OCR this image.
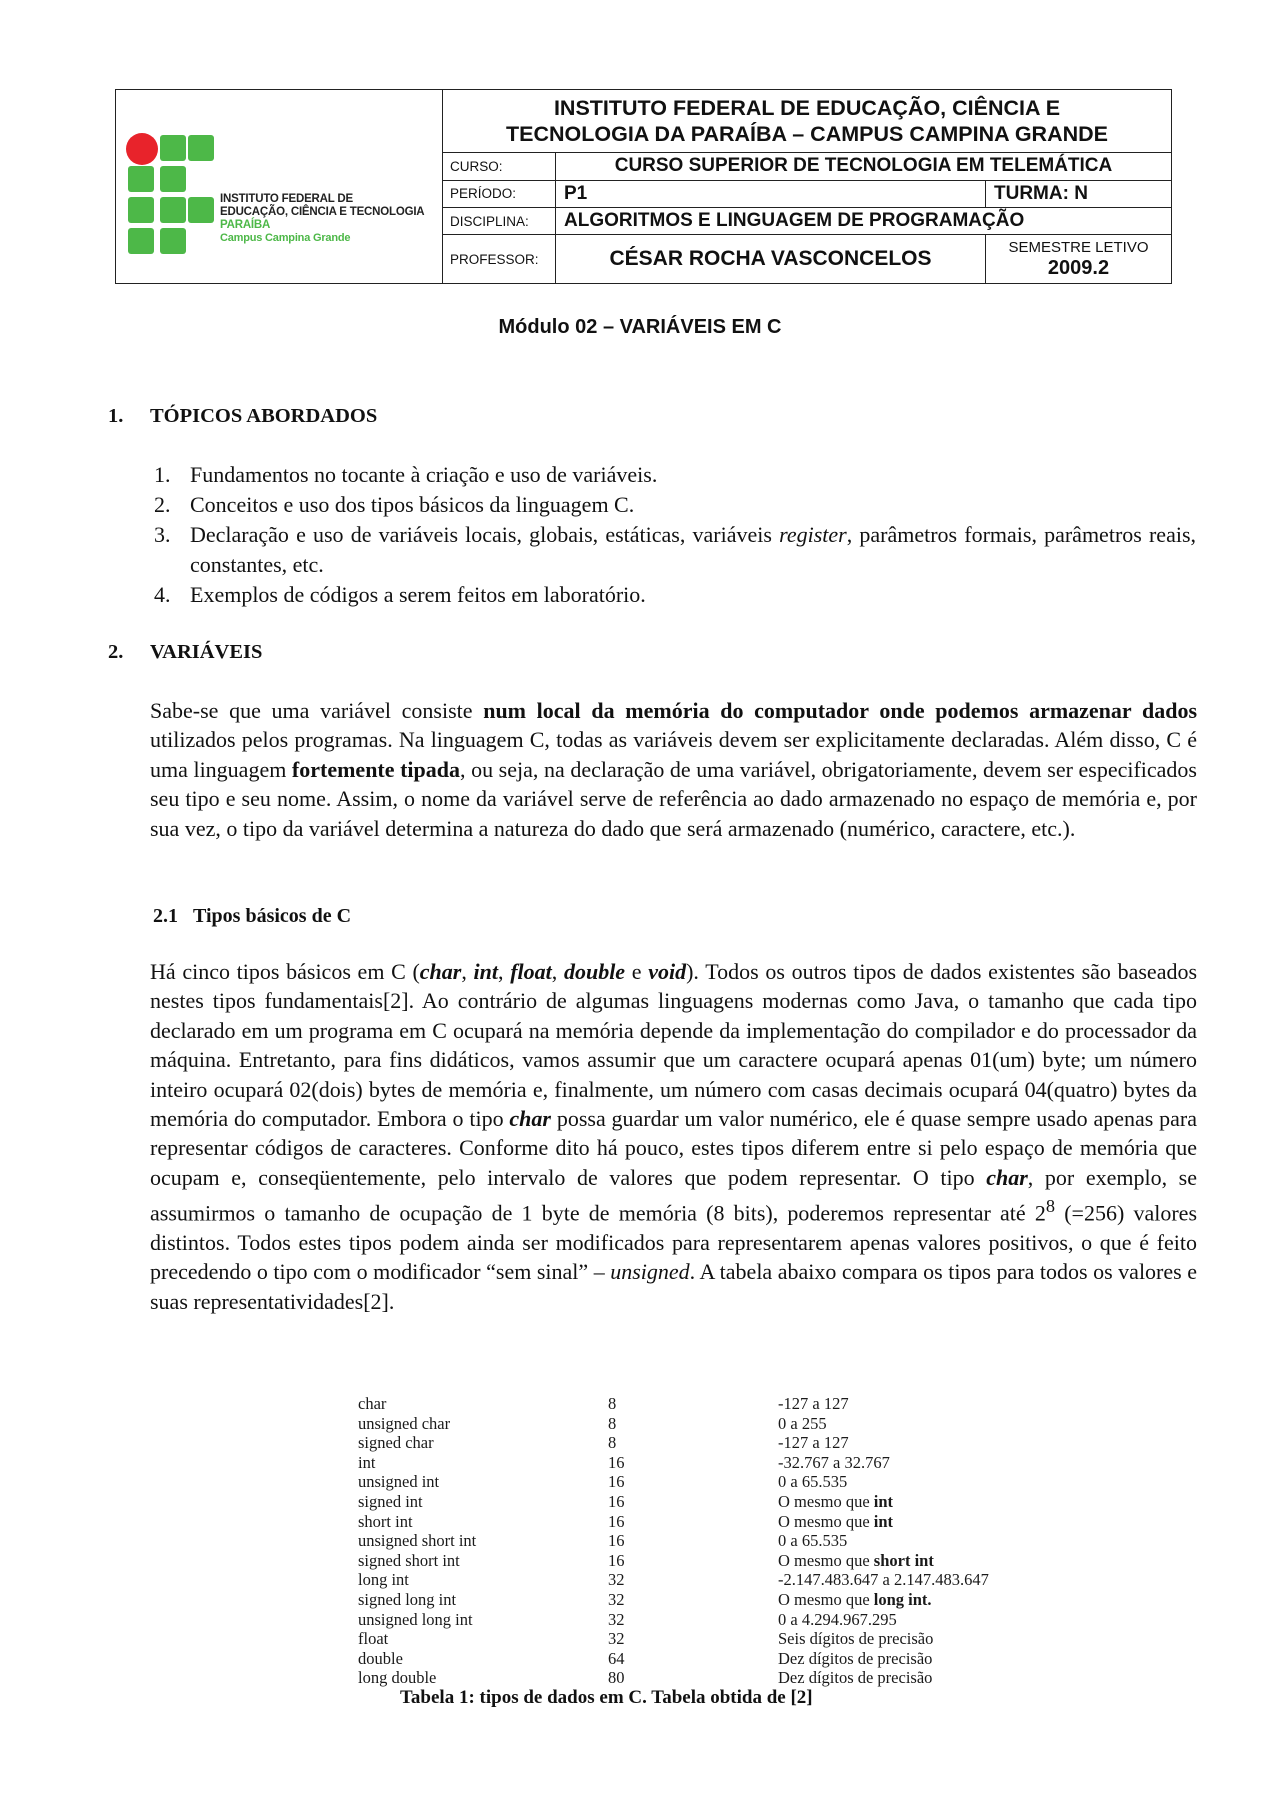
INSTITUTO FEDERAL DE
EDUCAÇÃO, CIÊNCIA E TECNOLOGIA
PARAÍBA
Campus Campina Grande
INSTITUTO FEDERAL DE EDUCAÇÃO, CIÊNCIA E
TECNOLOGIA DA PARAÍBA – CAMPUS CAMPINA GRANDE
CURSO:	CURSO SUPERIOR DE TECNOLOGIA EM TELEMÁTICA
PERÍODO:	P1	TURMA: N
DISCIPLINA:	ALGORITMOS E LINGUAGEM DE PROGRAMAÇÃO
PROFESSOR:	CÉSAR ROCHA VASCONCELOS	SEMESTRE LETIVO
2009.2
Módulo 02 – VARIÁVEIS EM C
1. TÓPICOS ABORDADOS
1. Fundamentos no tocante à criação e uso de variáveis.
2. Conceitos e uso dos tipos básicos da linguagem C.
3. Declaração e uso de variáveis locais, globais, estáticas, variáveis register, parâmetros formais, parâmetros reais, constantes, etc.
4. Exemplos de códigos a serem feitos em laboratório.
2. VARIÁVEIS

Sabe-se que uma variável consiste num local da memória do computador onde podemos armazenar dados utilizados pelos programas. Na linguagem C, todas as variáveis devem ser explicitamente declaradas. Além disso, C é uma linguagem fortemente tipada, ou seja, na declaração de uma variável, obrigatoriamente, devem ser especificados seu tipo e seu nome. Assim, o nome da variável serve de referência ao dado armazenado no espaço de memória e, por sua vez, o tipo da variável determina a natureza do dado que será armazenado (numérico, caractere, etc.).

2.1 Tipos básicos de C

Há cinco tipos básicos em C (char, int, float, double e void). Todos os outros tipos de dados existentes são baseados nestes tipos fundamentais[2]. Ao contrário de algumas linguagens modernas como Java, o tamanho que cada tipo declarado em um programa em C ocupará na memória depende da implementação do compilador e do processador da máquina. Entretanto, para fins didáticos, vamos assumir que um caractere ocupará apenas 01(um) byte; um número inteiro ocupará 02(dois) bytes de memória e, finalmente, um número com casas decimais ocupará 04(quatro) bytes da memória do computador. Embora o tipo char possa guardar um valor numérico, ele é quase sempre usado apenas para representar códigos de caracteres. Conforme dito há pouco, estes tipos diferem entre si pelo espaço de memória que ocupam e, conseqüentemente, pelo intervalo de valores que podem representar. O tipo char, por exemplo, se assumirmos o tamanho de ocupação de 1 byte de memória (8 bits), poderemos representar até $2^8$ (=256) valores distintos. Todos estes tipos podem ainda ser modificados para representarem apenas valores positivos, o que é feito precedendo o tipo com o modificador “sem sinal” – unsigned. A tabela abaixo compara os tipos para todos os valores e suas representatividades[2].

char	8	-127 a 127
unsigned char	8	0 a 255
signed char	8	-127 a 127
int	16	-32.767 a 32.767
unsigned int	16	0 a 65.535
signed int	16	O mesmo que int
short int	16	O mesmo que int
unsigned short int	16	0 a 65.535
signed short int	16	O mesmo que short int
long int	32	-2.147.483.647 a 2.147.483.647
signed long int	32	O mesmo que long int.
unsigned long int	32	0 a 4.294.967.295
float	32	Seis dígitos de precisão
double	64	Dez dígitos de precisão
long double	80	Dez dígitos de precisão
Tabela 1: tipos de dados em C. Tabela obtida de [2]
